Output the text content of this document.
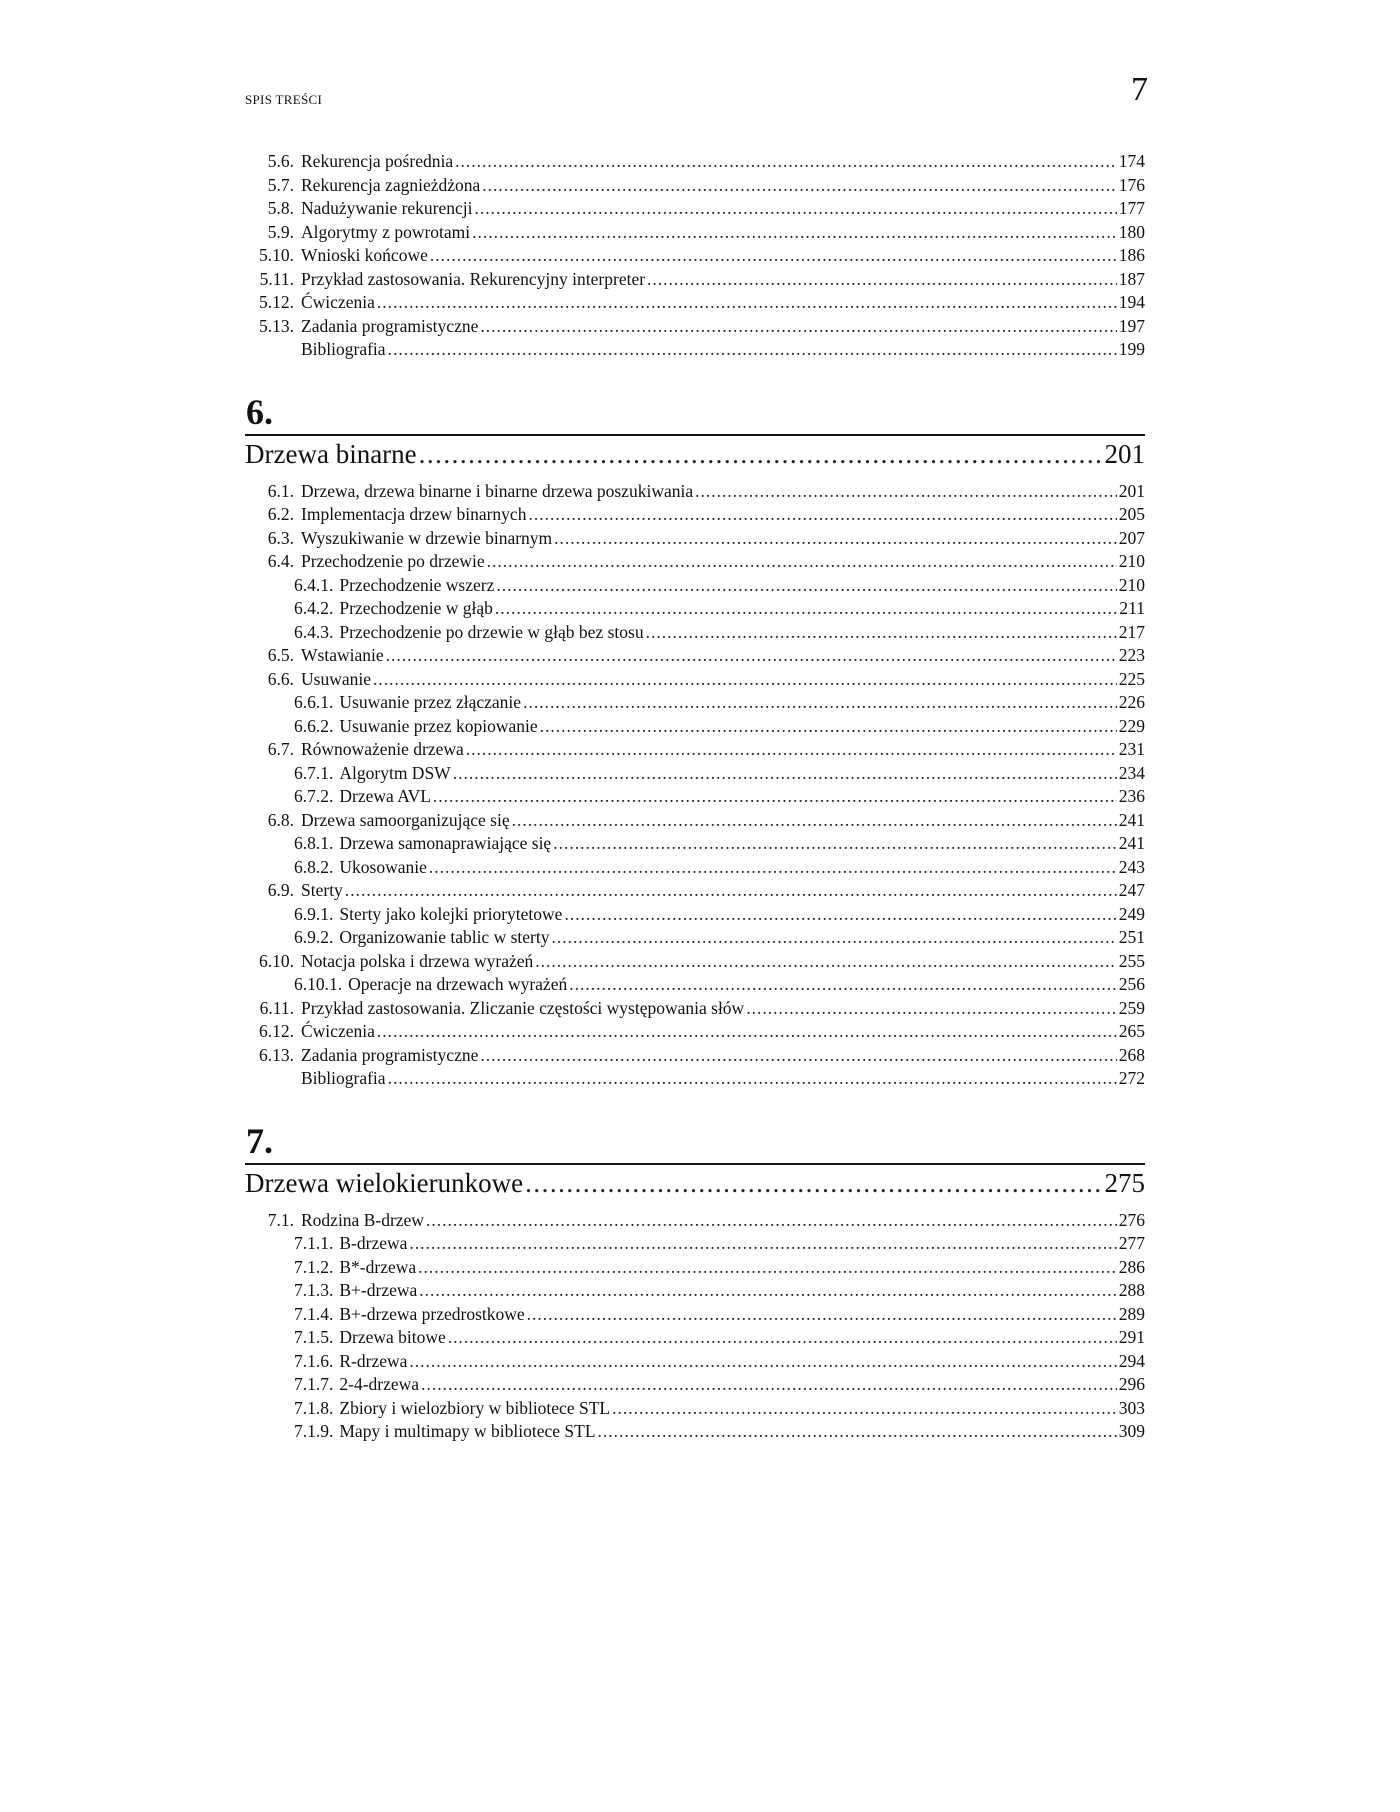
SPIS TREŚCI	7
5.6. Rekurencja pośrednia .....	174
5.7. Rekurencja zagnieżdżona .....	176
5.8. Nadużywanie rekurencji .....	177
5.9. Algorytmy z powrotami .....	180
5.10. Wnioski końcowe .....	186
5.11. Przykład zastosowania. Rekurencyjny interpreter .....	187
5.12. Ćwiczenia .....	194
5.13. Zadania programistyczne .....	197
Bibliografia .....	199
6.
Drzewa binarne .....	201
6.1. Drzewa, drzewa binarne i binarne drzewa poszukiwania .....	201
6.2. Implementacja drzew binarnych .....	205
6.3. Wyszukiwanie w drzewie binarnym .....	207
6.4. Przechodzenie po drzewie .....	210
6.4.1. Przechodzenie wszerz .....	210
6.4.2. Przechodzenie w głąb .....	211
6.4.3. Przechodzenie po drzewie w głąb bez stosu .....	217
6.5. Wstawianie .....	223
6.6. Usuwanie .....	225
6.6.1. Usuwanie przez złączanie .....	226
6.6.2. Usuwanie przez kopiowanie .....	229
6.7. Równoważenie drzewa .....	231
6.7.1. Algorytm DSW .....	234
6.7.2. Drzewa AVL .....	236
6.8. Drzewa samoorganizujące się .....	241
6.8.1. Drzewa samonaprawiające się .....	241
6.8.2. Ukosowanie .....	243
6.9. Sterty .....	247
6.9.1. Sterty jako kolejki priorytetowe .....	249
6.9.2. Organizowanie tablic w sterty .....	251
6.10. Notacja polska i drzewa wyrażeń .....	255
6.10.1. Operacje na drzewach wyrażeń .....	256
6.11. Przykład zastosowania. Zliczanie częstości występowania słów .....	259
6.12. Ćwiczenia .....	265
6.13. Zadania programistyczne .....	268
Bibliografia .....	272
7.
Drzewa wielokierunkowe .....	275
7.1. Rodzina B-drzew .....	276
7.1.1. B-drzewa .....	277
7.1.2. B*-drzewa .....	286
7.1.3. B+-drzewa .....	288
7.1.4. B+-drzewa przedrostkowe .....	289
7.1.5. Drzewa bitowe .....	291
7.1.6. R-drzewa .....	294
7.1.7. 2-4-drzewa .....	296
7.1.8. Zbiory i wielozbiory w bibliotece STL .....	303
7.1.9. Mapy i multimapy w bibliotece STL .....	309
